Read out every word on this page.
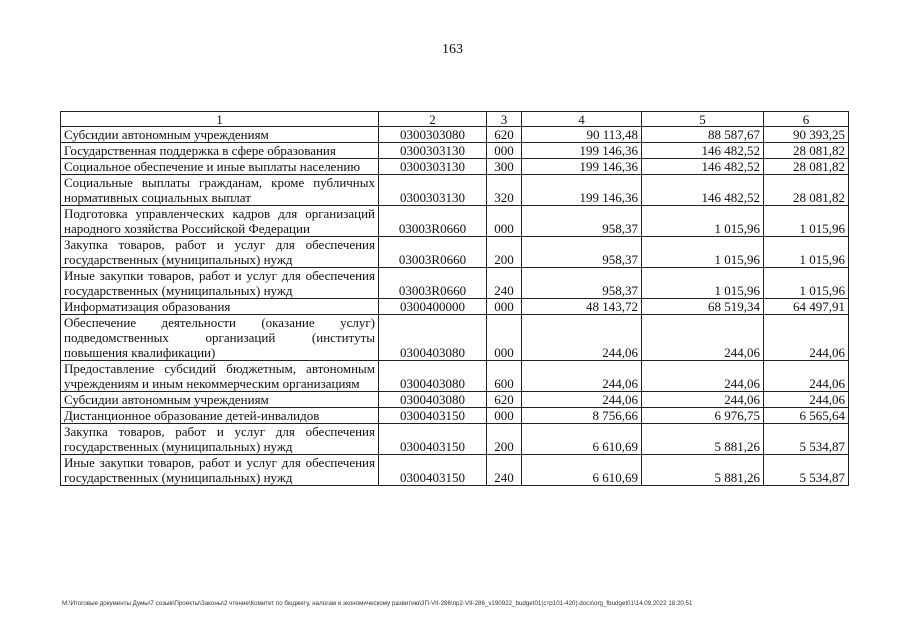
163
1	2	3	4	5	6
Субсидии автономным учреждениям	0300303080	620	90 113,48	88 587,67	90 393,25
Государственная поддержка в сфере образования	0300303130	000	199 146,36	146 482,52	28 081,82
Социальное обеспечение и иные выплаты населению	0300303130	300	199 146,36	146 482,52	28 081,82
Социальные выплаты гражданам, кроме публичных нормативных социальных выплат	0300303130	320	199 146,36	146 482,52	28 081,82
Подготовка управленческих кадров для организаций народного хозяйства Российской Федерации	03003R0660	000	958,37	1 015,96	1 015,96
Закупка товаров, работ и услуг для обеспечения государственных (муниципальных) нужд	03003R0660	200	958,37	1 015,96	1 015,96
Иные закупки товаров, работ и услуг для обеспечения государственных (муниципальных) нужд	03003R0660	240	958,37	1 015,96	1 015,96
Информатизация образования	0300400000	000	48 143,72	68 519,34	64 497,91
Обеспечение деятельности (оказание услуг) подведомственных организаций (институты повышения квалификации)	0300403080	000	244,06	244,06	244,06
Предоставление субсидий бюджетным, автономным учреждениям и иным некоммерческим организациям	0300403080	600	244,06	244,06	244,06
Субсидии автономным учреждениям	0300403080	620	244,06	244,06	244,06
Дистанционное образование детей-инвалидов	0300403150	000	8 756,66	6 976,75	6 565,64
Закупка товаров, работ и услуг для обеспечения государственных (муниципальных) нужд	0300403150	200	6 610,69	5 881,26	5 534,87
Иные закупки товаров, работ и услуг для обеспечения государственных (муниципальных) нужд	0300403150	240	6 610,69	5 881,26	5 534,87
M:\Итоговые документы Думы\7 созыв\Проекты\Законы\2 чтение\Комитет по бюджету, налогам и экономическому развитию\3П-VII-286\пр2-VII-286_v190922_budget01(стр101-420).docx\org_fbudget01\14.09.2022 18:20:51
